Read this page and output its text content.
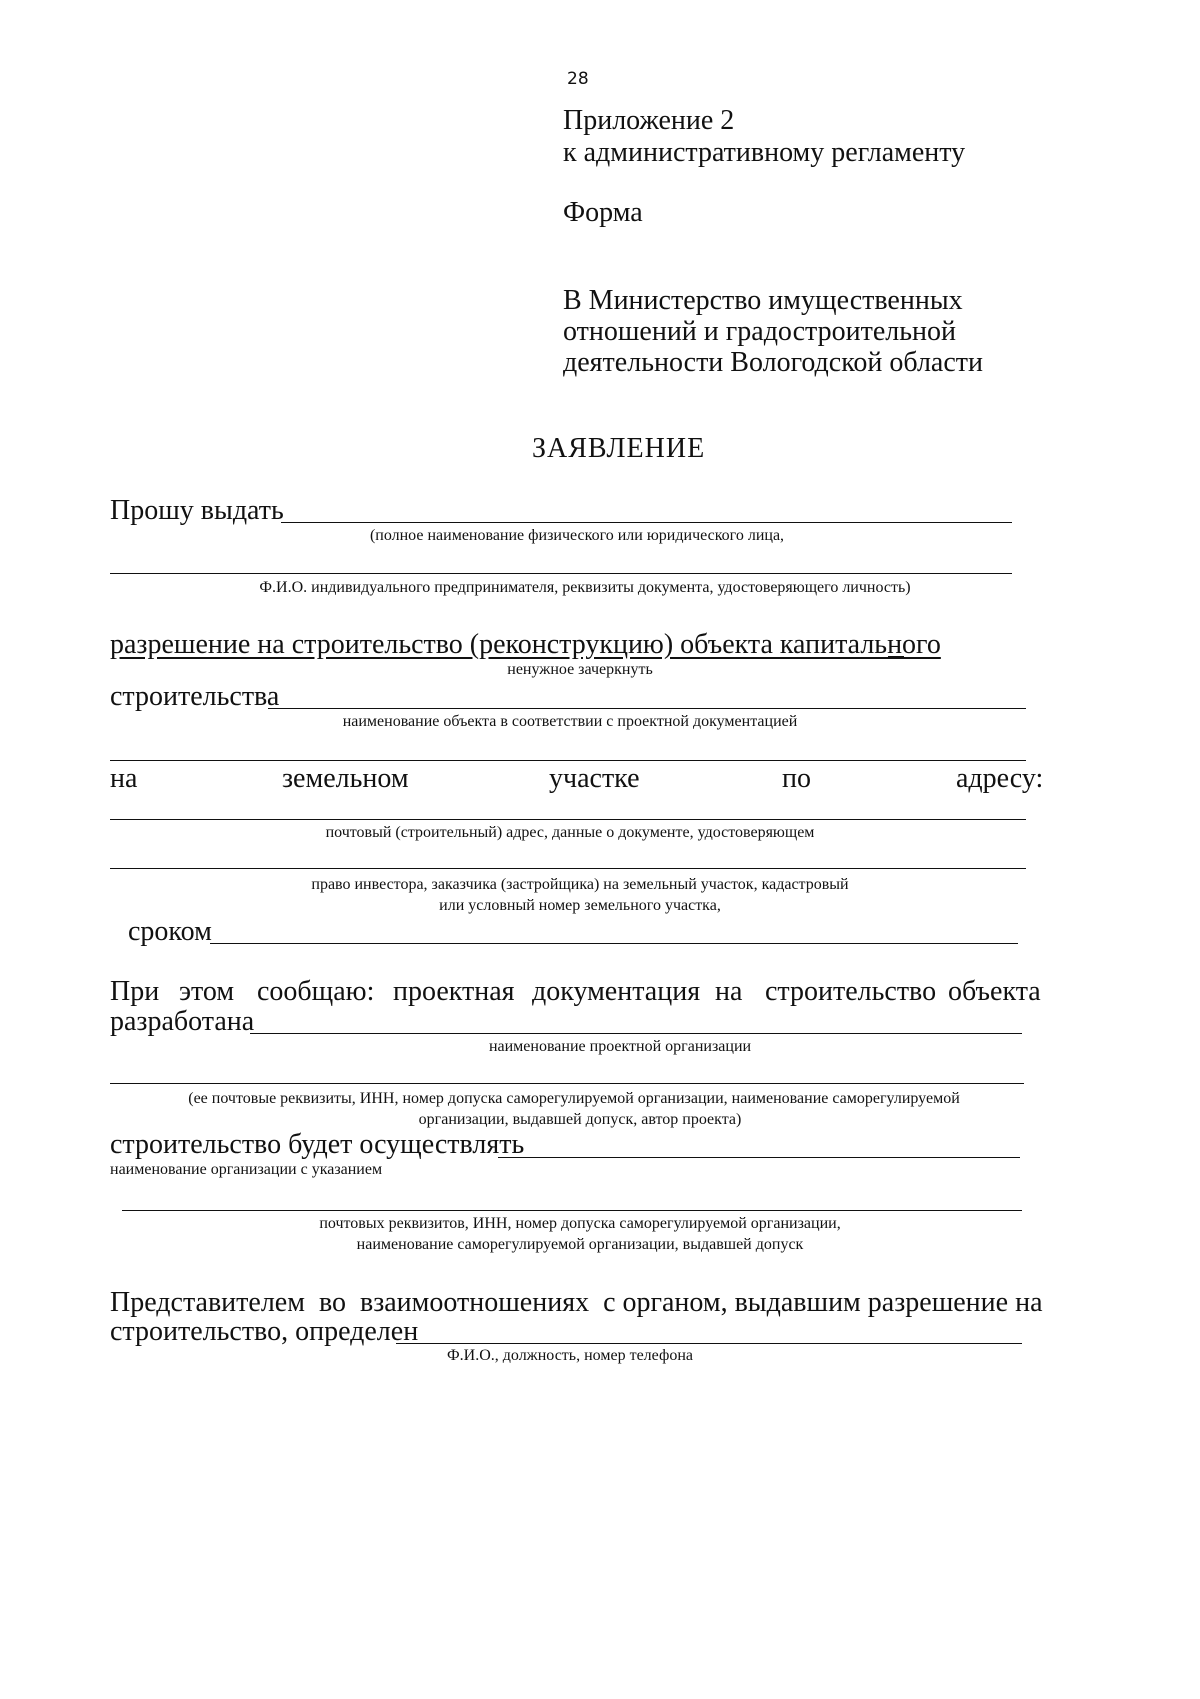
28
Приложение 2
к административному регламенту
Форма
В Министерство имущественных
отношений и градостроительной
деятельности Вологодской области
ЗАЯВЛЕНИЕ
Прошу выдать
(полное наименование физического или юридического лица,
Ф.И.О. индивидуального предпринимателя, реквизиты документа, удостоверяющего личность)
разрешение на строительство (реконструкцию) объекта капитального
ненужное зачеркнуть
строительства
наименование объекта в соответствии с проектной документацией
на	земельном	участке	по	адресу:
почтовый (строительный) адрес, данные о документе, удостоверяющем
право инвестора, заказчика (застройщика) на земельный участок, кадастровый
или условный номер земельного участка,
сроком
При этом сообщаю: проектная документация на строительство объекта
разработана
наименование проектной организации
(ее почтовые реквизиты, ИНН, номер допуска саморегулируемой организации, наименование саморегулируемой
организации, выдавшей допуск, автор проекта)
строительство будет осуществлять
наименование организации с указанием
почтовых реквизитов, ИНН, номер допуска саморегулируемой организации,
наименование саморегулируемой организации, выдавшей допуск
Представителем  во  взаимоотношениях  с органом, выдавшим разрешение на
строительство, определен
Ф.И.О., должность, номер телефона
